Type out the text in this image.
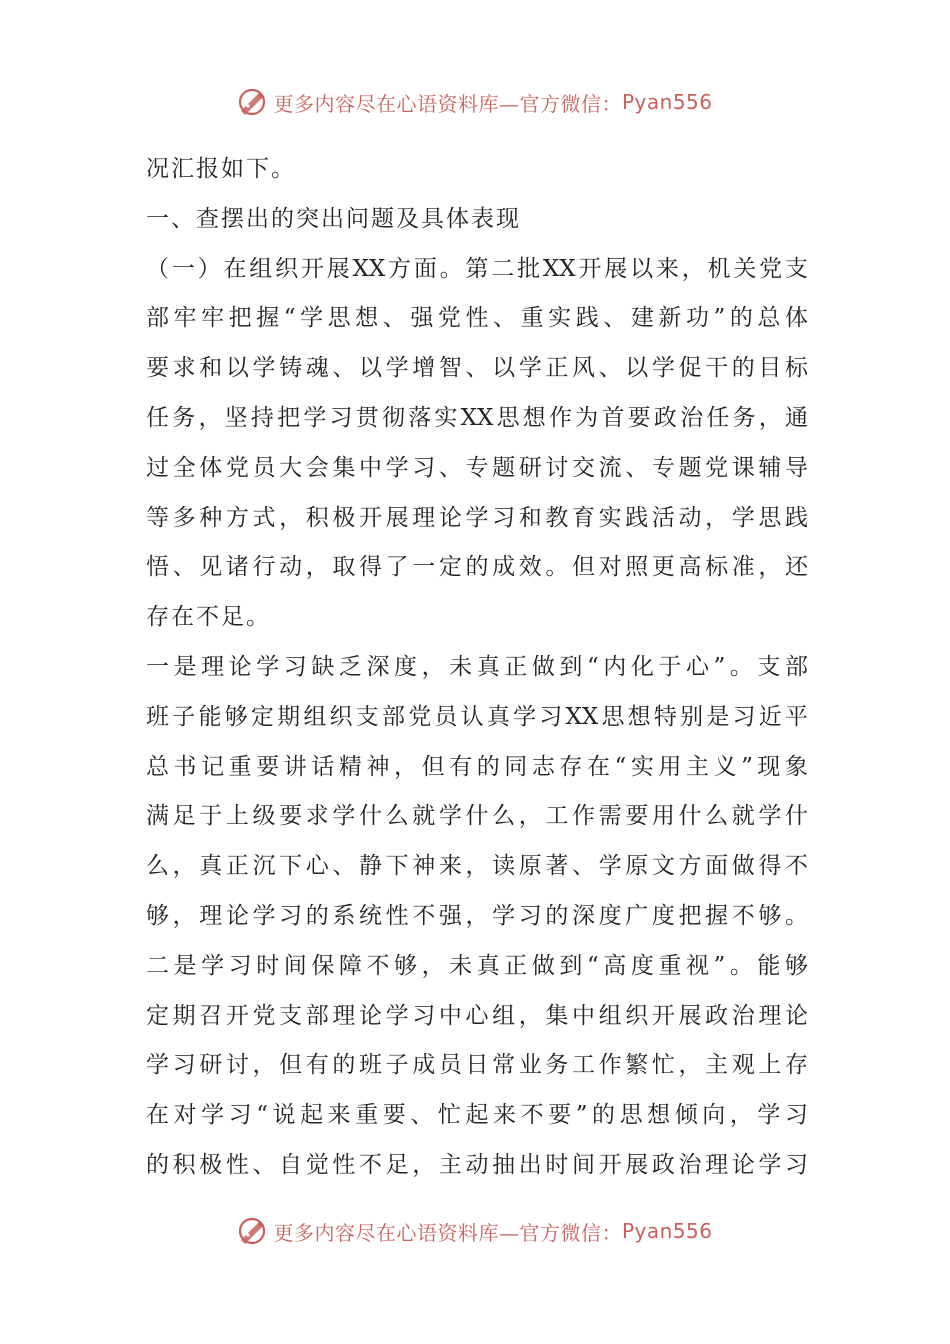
更多内容尽在心语资料库—官方微信： Pyan556
况汇报如下。
一、查摆出的突出问题及具体表现
（一）在组织开展XX方面。第二批XX开展以来，机关党支
部牢牢把握“学思想、强党性、重实践、建新功”的总体
要求和以学铸魂、以学增智、以学正风、以学促干的目标
任务，坚持把学习贯彻落实XX思想作为首要政治任务，通
过全体党员大会集中学习、专题研讨交流、专题党课辅导
等多种方式，积极开展理论学习和教育实践活动，学思践
悟、见诸行动，取得了一定的成效。但对照更高标准，还
存在不足。
一是理论学习缺乏深度，未真正做到“内化于心”。支部
班子能够定期组织支部党员认真学习XX思想特别是习近平
总书记重要讲话精神，但有的同志存在“实用主义”现象
满足于上级要求学什么就学什么，工作需要用什么就学什
么，真正沉下心、静下神来，读原著、学原文方面做得不
够，理论学习的系统性不强，学习的深度广度把握不够。
二是学习时间保障不够，未真正做到“高度重视”。能够
定期召开党支部理论学习中心组，集中组织开展政治理论
学习研讨，但有的班子成员日常业务工作繁忙，主观上存
在对学习“说起来重要、忙起来不要”的思想倾向，学习
的积极性、自觉性不足，主动抽出时间开展政治理论学习
更多内容尽在心语资料库—官方微信： Pyan556
